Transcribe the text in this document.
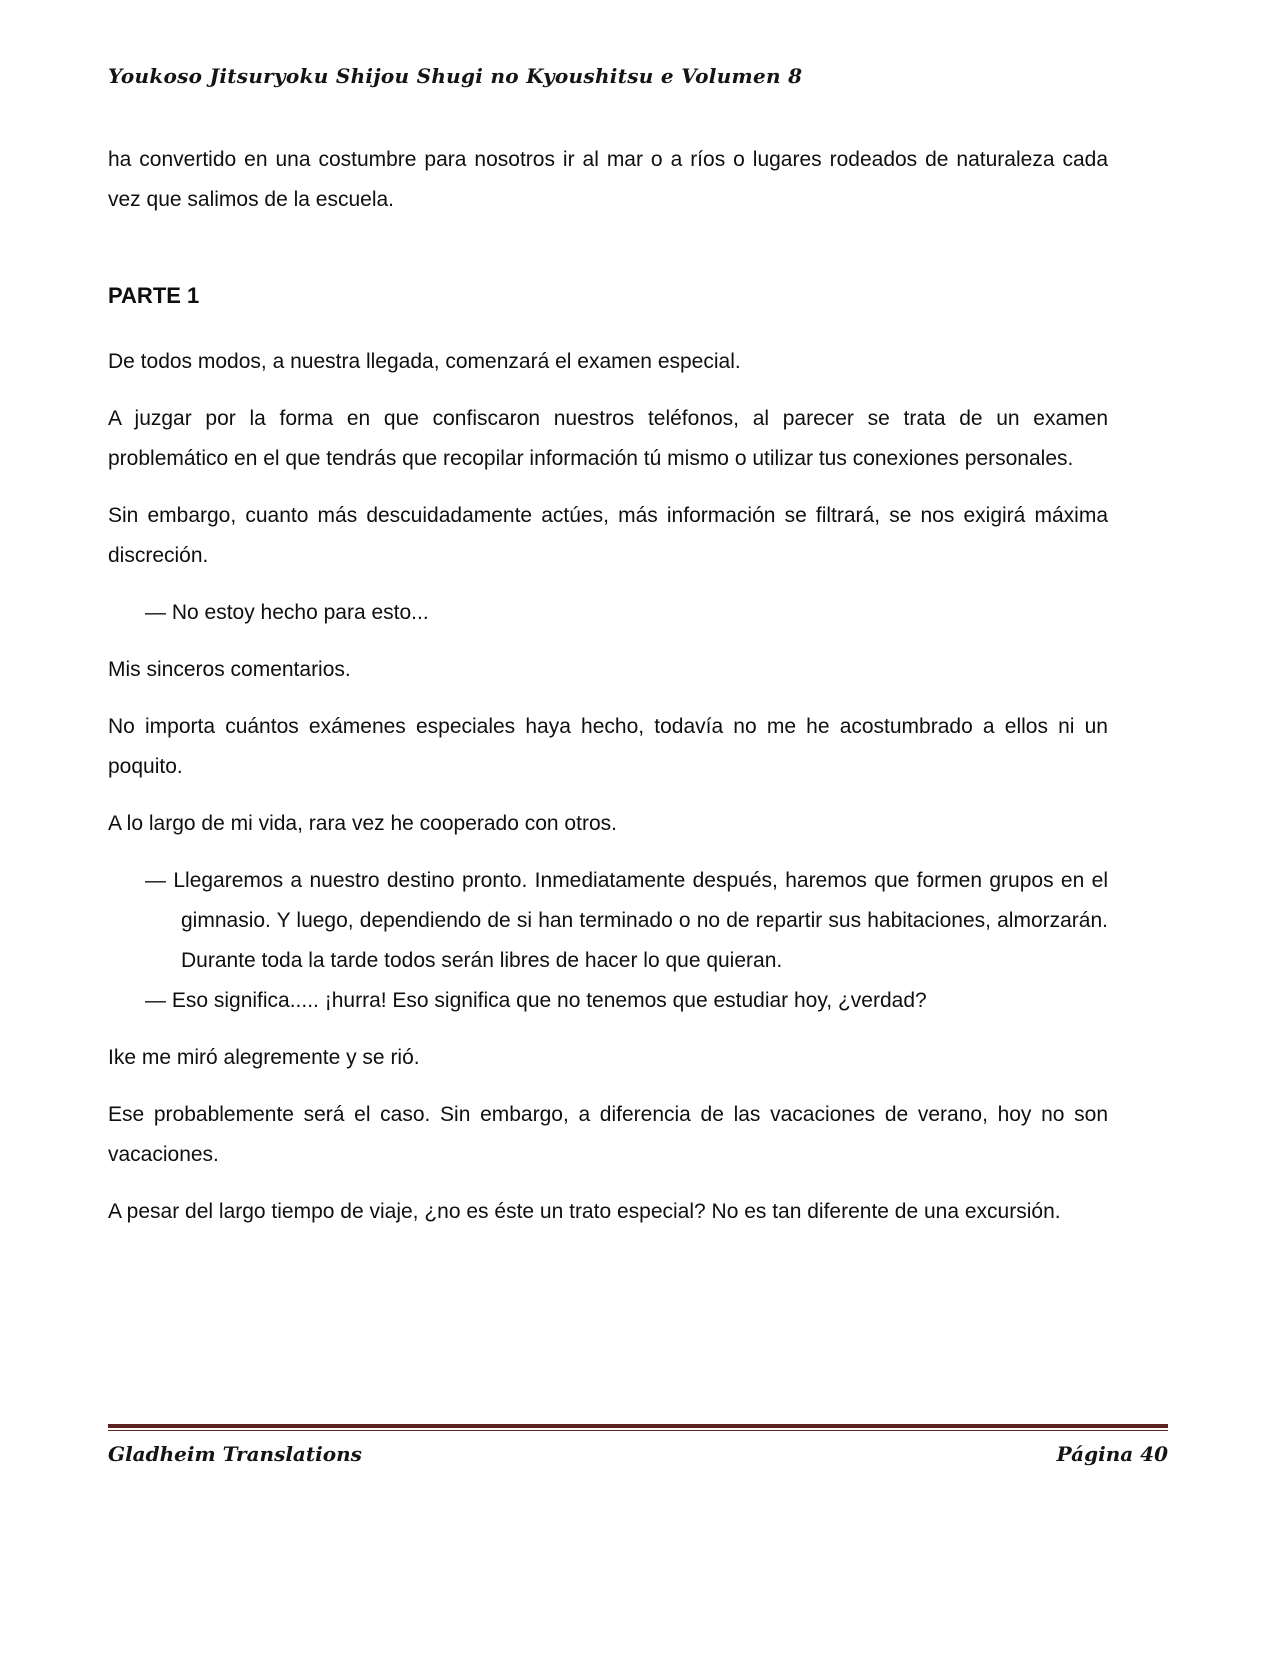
Youkoso Jitsuryoku Shijou Shugi no Kyoushitsu e Volumen 8

ha convertido en una costumbre para nosotros ir al mar o a ríos o lugares rodeados de naturaleza cada vez que salimos de la escuela.

PARTE 1

De todos modos, a nuestra llegada, comenzará el examen especial.

A juzgar por la forma en que confiscaron nuestros teléfonos, al parecer se trata de un examen problemático en el que tendrás que recopilar información tú mismo o utilizar tus conexiones personales.

Sin embargo, cuanto más descuidadamente actúes, más información se filtrará, se nos exigirá máxima discreción.

— No estoy hecho para esto...

Mis sinceros comentarios.

No importa cuántos exámenes especiales haya hecho, todavía no me he acostumbrado a ellos ni un poquito.

A lo largo de mi vida, rara vez he cooperado con otros.

— Llegaremos a nuestro destino pronto. Inmediatamente después, haremos que formen grupos en el gimnasio. Y luego, dependiendo de si han terminado o no de repartir sus habitaciones, almorzarán. Durante toda la tarde todos serán libres de hacer lo que quieran.

— Eso significa..... ¡hurra! Eso significa que no tenemos que estudiar hoy, ¿verdad?

Ike me miró alegremente y se rió.

Ese probablemente será el caso. Sin embargo, a diferencia de las vacaciones de verano, hoy no son vacaciones.

A pesar del largo tiempo de viaje, ¿no es éste un trato especial? No es tan diferente de una excursión.

Gladheim Translations	Página 40
